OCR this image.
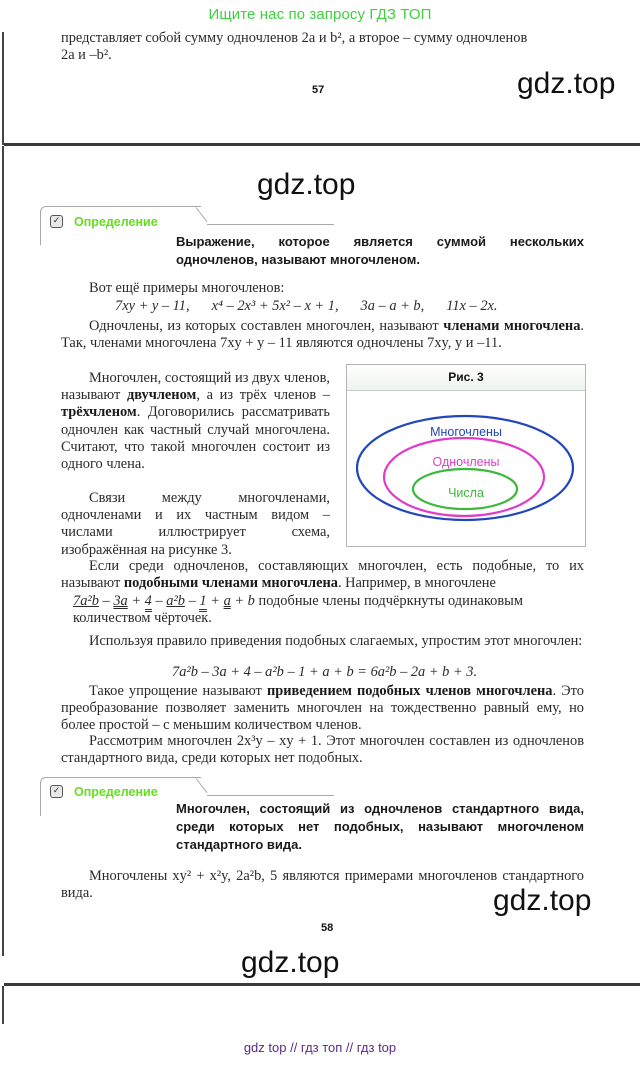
Ищите нас по запросу ГДЗ ТОП
представляет собой сумму одночленов 2a и b², а второе – сумму одночленов
2a и –b².
57	gdz.top
gdz.top
✓ Определение
Выражение, которое является суммой нескольких одночленов, называют многочленом.
Вот ещё примеры многочленов:
7xy + y – 11, x⁴ – 2x³ + 5x² – x + 1, 3a – a + b, 11x – 2x.
Одночлены, из которых составлен многочлен, называют членами многочлена. Так, членами многочлена 7xy + y – 11 являются одночлены 7xy, y и –11.
Многочлен, состоящий из двух членов, называют двучленом, а из трёх членов – трёхчленом. Договорились рассматривать одночлен как частный случай многочлена. Считают, что такой многочлен состоит из одного члена.
Связи между многочленами, одночленами и их частным видом – числами иллюстрирует схема, изображённая на рисунке 3.
Рис. 3
Многочлены
Одночлены
Числа
Если среди одночленов, составляющих многочлен, есть подобные, то их называют подобными членами многочлена. Например, в многочлене
7a²b – 3a + 4 – a²b – 1 + a + b подобные члены подчёркнуты одинаковым количеством чёрточек.
Используя правило приведения подобных слагаемых, упростим этот многочлен:
7a²b – 3a + 4 – a²b – 1 + a + b = 6a²b – 2a + b + 3.
Такое упрощение называют приведением подобных членов многочлена. Это преобразование позволяет заменить многочлен на тождественно равный ему, но более простой – с меньшим количеством членов.
Рассмотрим многочлен 2x³y – xy + 1. Этот многочлен составлен из одночленов стандартного вида, среди которых нет подобных.
✓ Определение
Многочлен, состоящий из одночленов стандартного вида, среди которых нет подобных, называют многочленом стандартного вида.
Многочлены xy² + x²y, 2a²b, 5 являются примерами многочленов стандартного вида.	gdz.top
58
gdz.top
gdz top // гдз топ // гдз top
